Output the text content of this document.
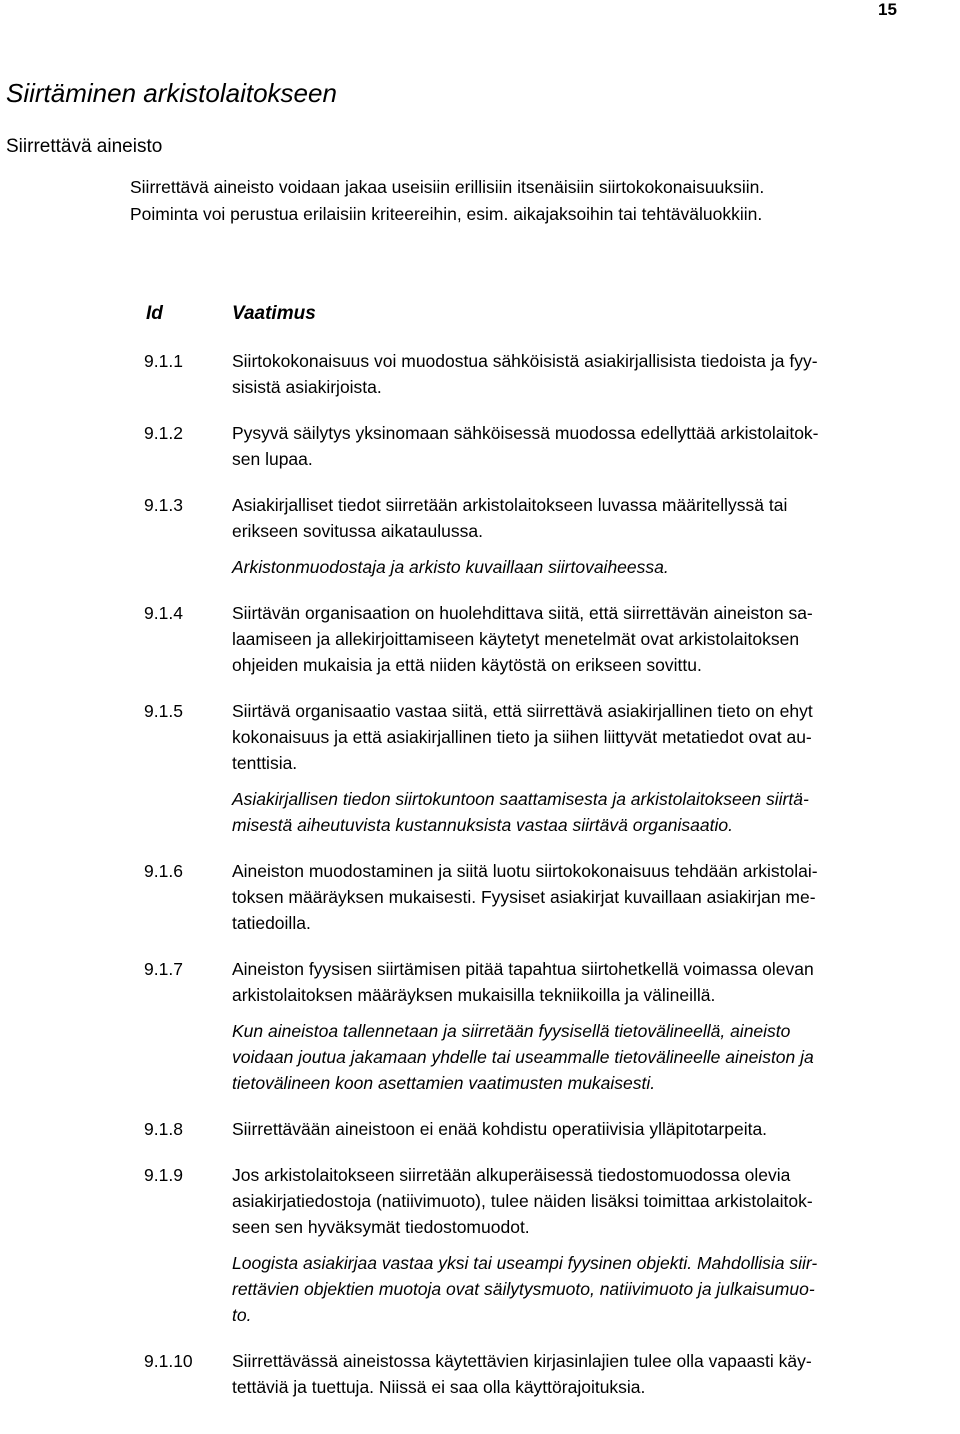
15
Siirtäminen arkistolaitokseen
Siirrettävä aineisto
Siirrettävä aineisto voidaan jakaa useisiin erillisiin itsenäisiin siirtokokonaisuuksiin.
Poiminta voi perustua erilaisiin kriteereihin, esim. aikajaksoihin tai tehtäväluokkiin.
Id	Vaatimus
9.1.1	Siirtokokonaisuus voi muodostua sähköisistä asiakirjallisista tiedoista ja fyy-
sisistä asiakirjoista.
9.1.2	Pysyvä säilytys yksinomaan sähköisessä muodossa edellyttää arkistolaitok-
sen lupaa.
9.1.3	Asiakirjalliset tiedot siirretään arkistolaitokseen luvassa määritellyssä tai
erikseen sovitussa aikataulussa.
Arkistonmuodostaja ja arkisto kuvaillaan siirtovaiheessa.
9.1.4	Siirtävän organisaation on huolehdittava siitä, että siirrettävän aineiston sa-
laamiseen ja allekirjoittamiseen käytetyt menetelmät ovat arkistolaitoksen
ohjeiden mukaisia ja että niiden käytöstä on erikseen sovittu.
9.1.5	Siirtävä organisaatio vastaa siitä, että siirrettävä asiakirjallinen tieto on ehyt
kokonaisuus ja että asiakirjallinen tieto ja siihen liittyvät metatiedot ovat au-
tenttisia.
Asiakirjallisen tiedon siirtokuntoon saattamisesta ja arkistolaitokseen siirtä-
misestä aiheutuvista kustannuksista vastaa siirtävä organisaatio.
9.1.6	Aineiston muodostaminen ja siitä luotu siirtokokonaisuus tehdään arkistolai-
toksen määräyksen mukaisesti. Fyysiset asiakirjat kuvaillaan asiakirjan me-
tatiedoilla.
9.1.7	Aineiston fyysisen siirtämisen pitää tapahtua siirtohetkellä voimassa olevan
arkistolaitoksen määräyksen mukaisilla tekniikoilla ja välineillä.
Kun aineistoa tallennetaan ja siirretään fyysisellä tietovälineellä, aineisto
voidaan joutua jakamaan yhdelle tai useammalle tietovälineelle aineiston ja
tietovälineen koon asettamien vaatimusten mukaisesti.
9.1.8	Siirrettävään aineistoon ei enää kohdistu operatiivisia ylläpitotarpeita.
9.1.9	Jos arkistolaitokseen siirretään alkuperäisessä tiedostomuodossa olevia
asiakirjatiedostoja (natiivimuoto), tulee näiden lisäksi toimittaa arkistolaitok-
seen sen hyväksymät tiedostomuodot.
Loogista asiakirjaa vastaa yksi tai useampi fyysinen objekti. Mahdollisia siir-
rettävien objektien muotoja ovat säilytysmuoto, natiivimuoto ja julkaisumuo-
to.
9.1.10	Siirrettävässä aineistossa käytettävien kirjasinlajien tulee olla vapaasti käy-
tettäviä ja tuettuja. Niissä ei saa olla käyttörajoituksia.
